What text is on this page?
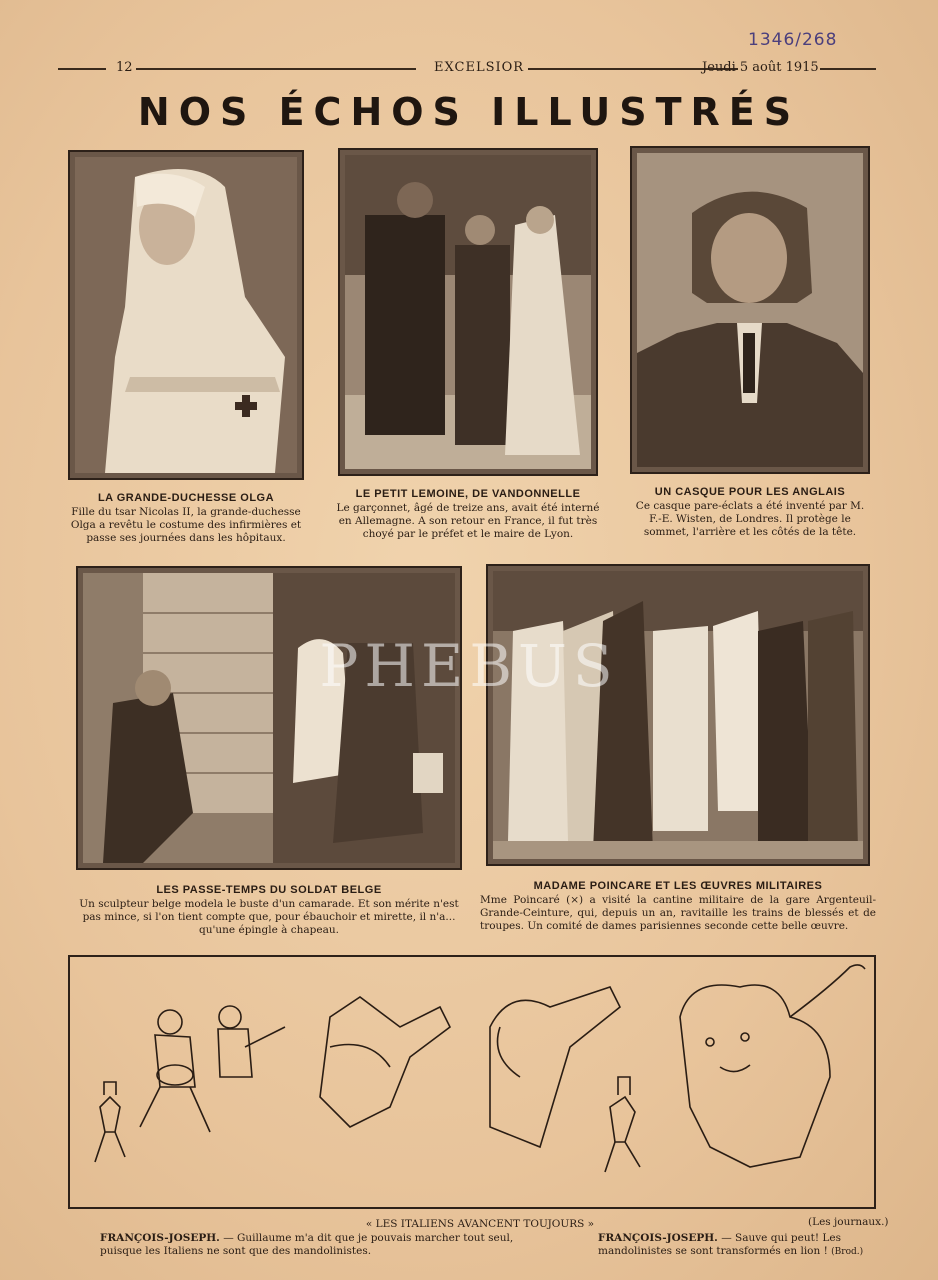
1346/268
12	EXCELSIOR	Jeudi 5 août 1915
NOS ÉCHOS ILLUSTRÉS
LA GRANDE-DUCHESSE OLGA
Fille du tsar Nicolas II, la grande-duchesse Olga a revêtu le costume des infirmières et passe ses journées dans les hôpitaux.
LE PETIT LEMOINE, DE VANDONNELLE
Le garçonnet, âgé de treize ans, avait été interné en Allemagne. A son retour en France, il fut très choyé par le préfet et le maire de Lyon.
UN CASQUE POUR LES ANGLAIS
Ce casque pare-éclats a été inventé par M. F.-E. Wisten, de Londres. Il protège le sommet, l'arrière et les côtés de la tête.
LES PASSE-TEMPS DU SOLDAT BELGE
Un sculpteur belge modela le buste d'un camarade. Et son mérite n'est pas mince, si l'on tient compte que, pour ébauchoir et mirette, il n'a... qu'une épingle à chapeau.
MADAME POINCARE ET LES ŒUVRES MILITAIRES
Mme Poincaré (×) a visité la cantine militaire de la gare Argenteuil-Grande-Ceinture, qui, depuis un an, ravitaille les trains de blessés et de troupes. Un comité de dames parisiennes seconde cette belle œuvre.
PHEBUS
« LES ITALIENS AVANCENT TOUJOURS »	(Les journaux.)
FRANÇOIS-JOSEPH. — Guillaume m'a dit que je pouvais marcher tout seul, puisque les Italiens ne sont que des mandolinistes.
FRANÇOIS-JOSEPH. — Sauve qui peut! Les mandolinistes se sont transformés en lion ! (Brod.)
